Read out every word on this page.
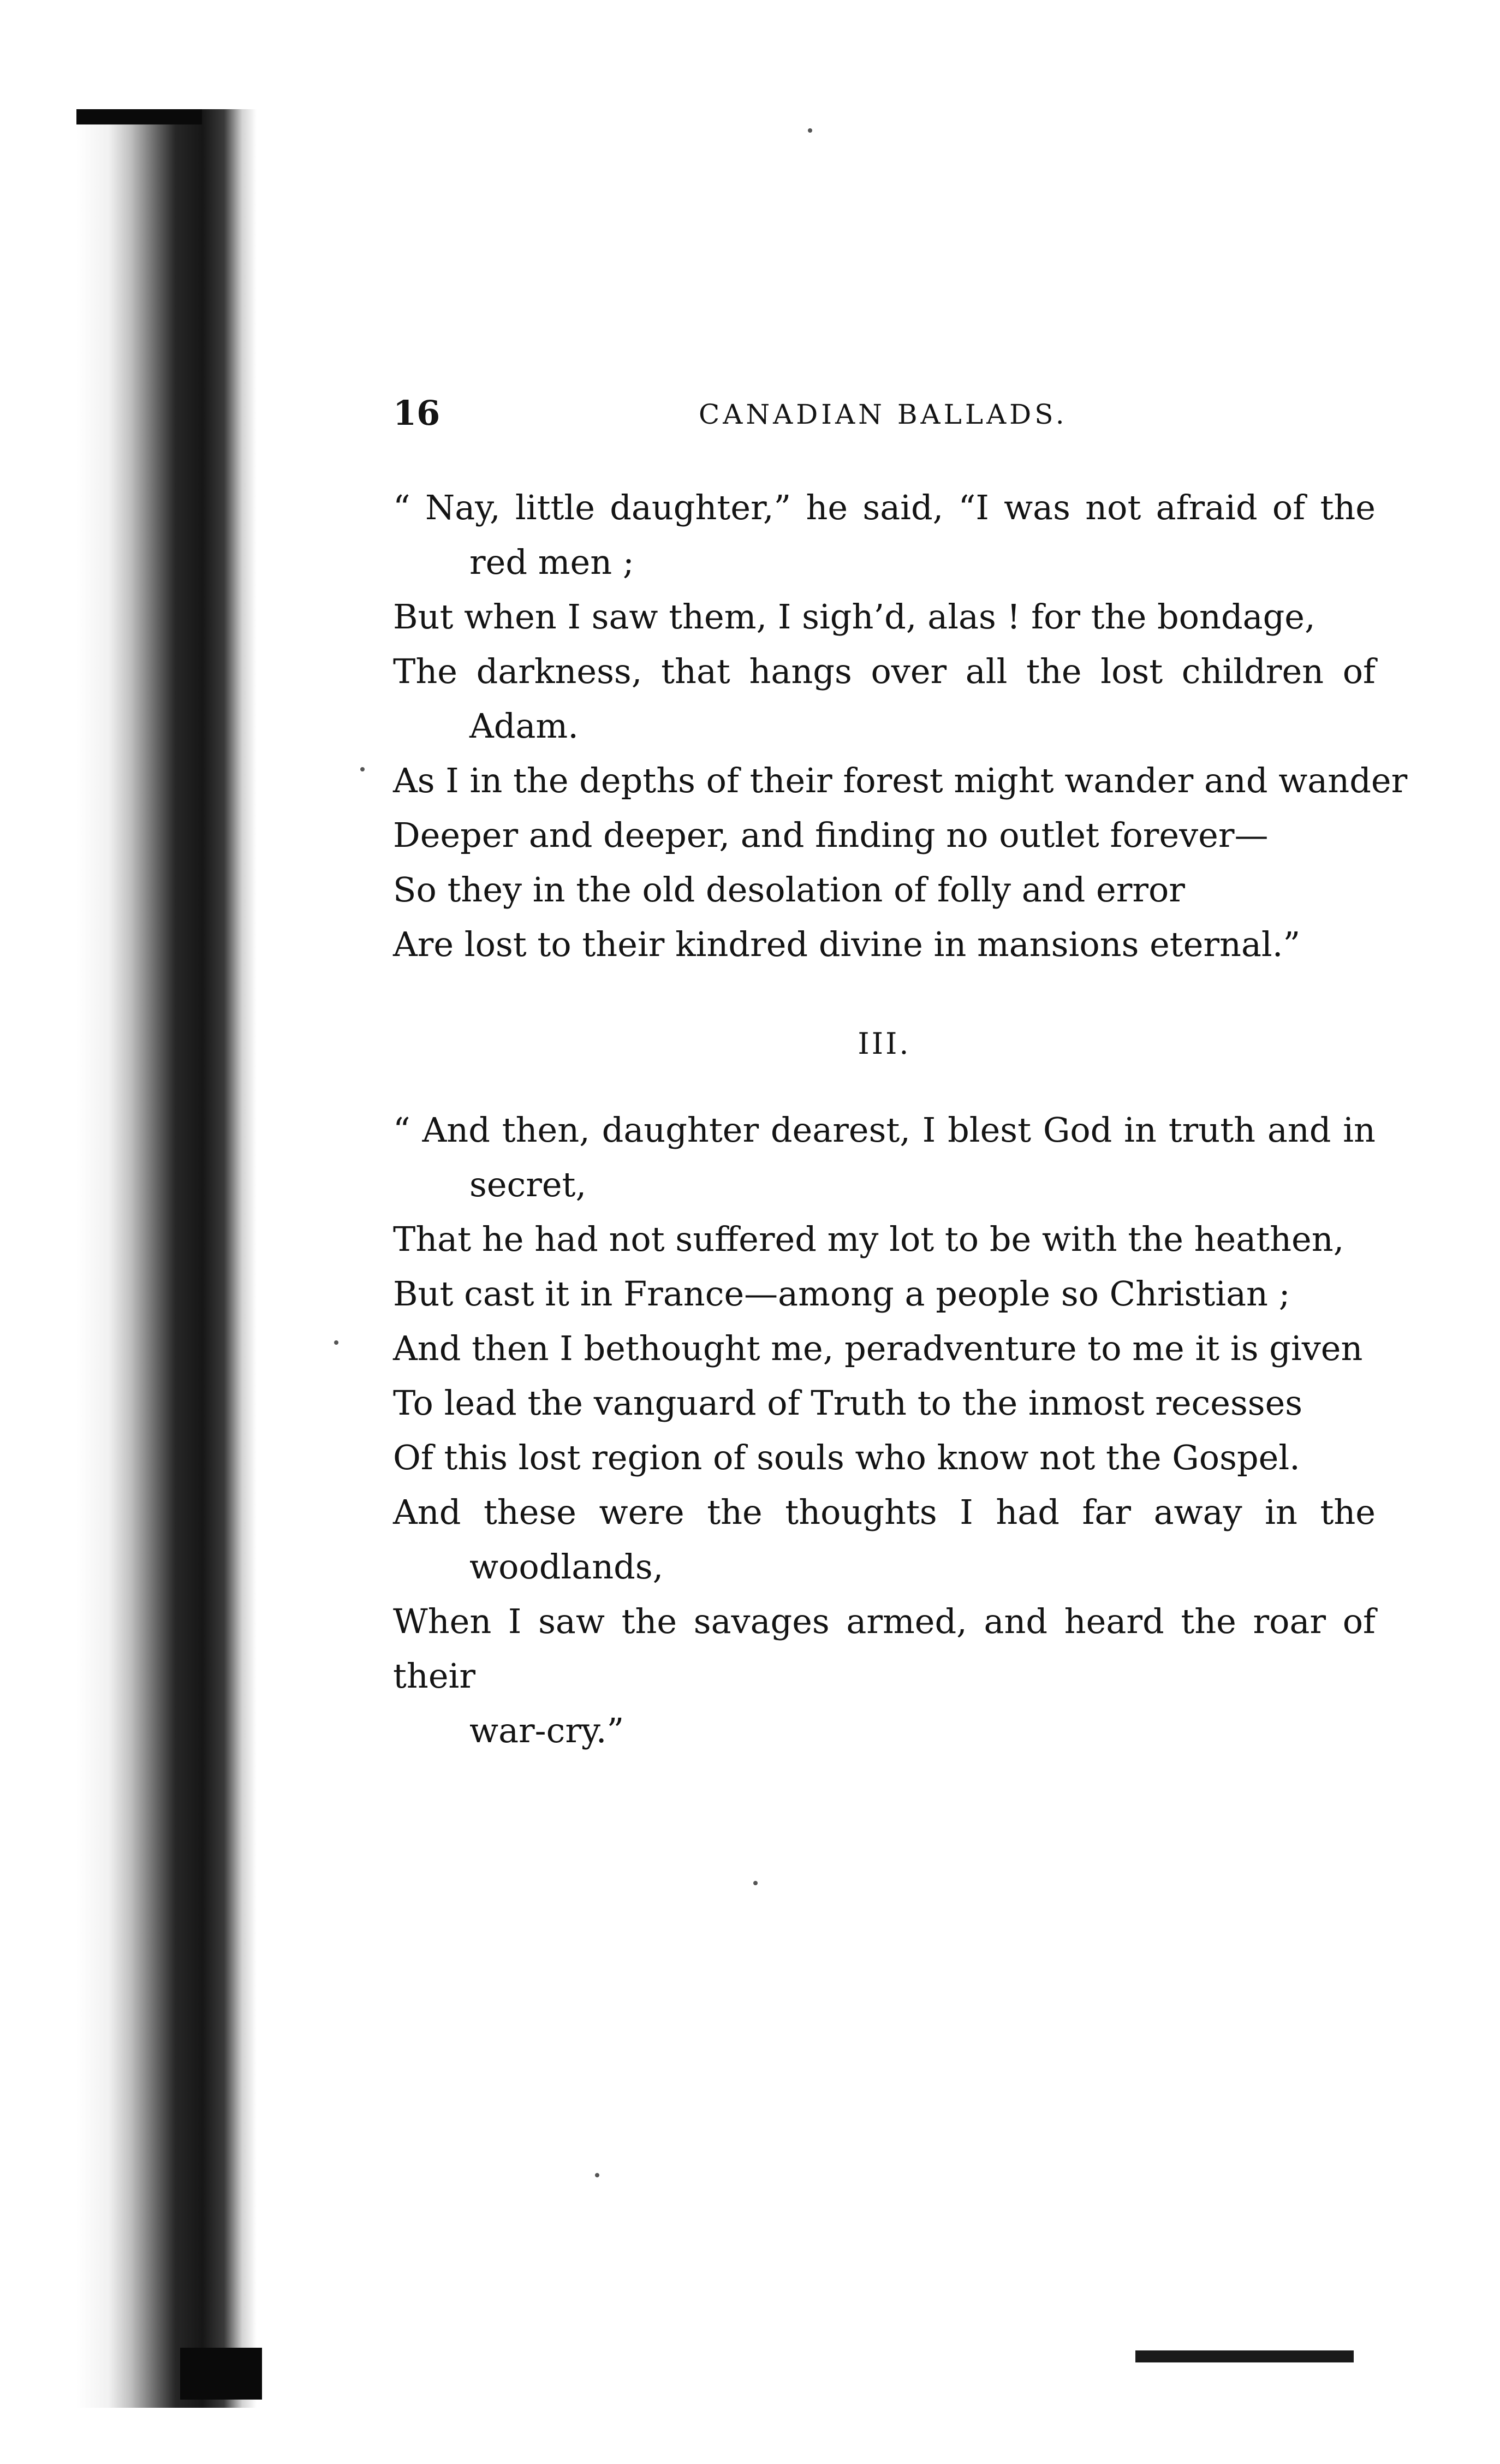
16	CANADIAN BALLADS.
“ Nay, little daughter,” he said, “I was not afraid of the
red men ;
But when I saw them, I sigh’d, alas ! for the bondage,
The darkness, that hangs over all the lost children of
Adam.
As I in the depths of their forest might wander and wander
Deeper and deeper, and finding no outlet forever—
So they in the old desolation of folly and error
Are lost to their kindred divine in mansions eternal.”
III.
“ And then, daughter dearest, I blest God in truth and in
secret,
That he had not suffered my lot to be with the heathen,
But cast it in France—among a people so Christian ;
And then I bethought me, peradventure to me it is given
To lead the vanguard of Truth to the inmost recesses
Of this lost region of souls who know not the Gospel.
And these were the thoughts I had far away in the
woodlands,
When I saw the savages armed, and heard the roar of their
war-cry.”
